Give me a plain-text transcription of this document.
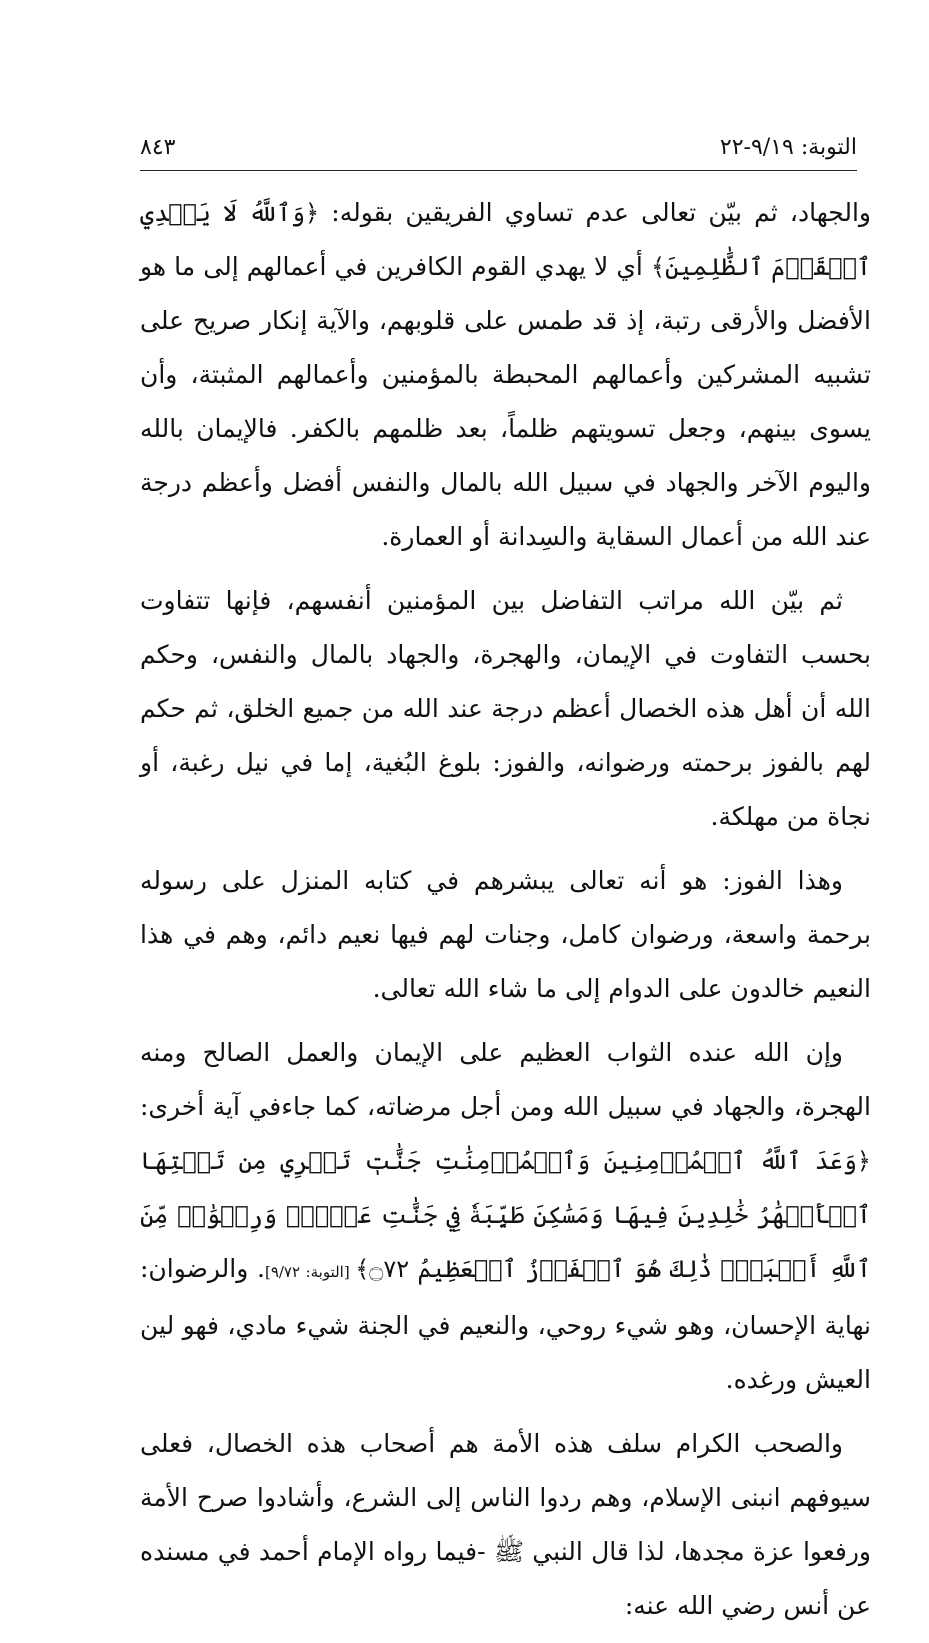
التوبة: ٩/١٩-٢٢
٨٤٣

والجهاد، ثم بيّن تعالى عدم تساوي الفريقين بقوله: ﴿وَٱللَّهُ لَا يَهۡدِي ٱلۡقَوۡمَ ٱلظَّٰلِمِينَ﴾ أي لا يهدي القوم الكافرين في أعمالهم إلى ما هو الأفضل والأرقى رتبة، إذ قد طمس على قلوبهم، والآية إنكار صريح على تشبيه المشركين وأعمالهم المحبطة بالمؤمنين وأعمالهم المثبتة، وأن يسوى بينهم، وجعل تسويتهم ظلماً، بعد ظلمهم بالكفر. فالإيمان بالله واليوم الآخر والجهاد في سبيل الله بالمال والنفس أفضل وأعظم درجة عند الله من أعمال السقاية والسِدانة أو العمارة.

ثم بيّن الله مراتب التفاضل بين المؤمنين أنفسهم، فإنها تتفاوت بحسب التفاوت في الإيمان، والهجرة، والجهاد بالمال والنفس، وحكم الله أن أهل هذه الخصال أعظم درجة عند الله من جميع الخلق، ثم حكم لهم بالفوز برحمته ورضوانه، والفوز: بلوغ البُغية، إما في نيل رغبة، أو نجاة من مهلكة.

وهذا الفوز: هو أنه تعالى يبشرهم في كتابه المنزل على رسوله برحمة واسعة، ورضوان كامل، وجنات لهم فيها نعيم دائم، وهم في هذا النعيم خالدون على الدوام إلى ما شاء الله تعالى.

وإن الله عنده الثواب العظيم على الإيمان والعمل الصالح ومنه الهجرة، والجهاد في سبيل الله ومن أجل مرضاته، كما جاءفي آية أخرى: ﴿وَعَدَ ٱللَّهُ ٱلۡمُؤۡمِنِينَ وَٱلۡمُؤۡمِنَٰتِ جَنَّٰتٖ تَجۡرِي مِن تَحۡتِهَا ٱلۡأَنۡهَٰرُ خَٰلِدِينَ فِيهَا وَمَسَٰكِنَ طَيِّبَةٗ فِي جَنَّٰتِ عَدۡنٖۚ وَرِضۡوَٰنٞ مِّنَ ٱللَّهِ أَكۡبَرُۚ ذَٰلِكَ هُوَ ٱلۡفَوۡزُ ٱلۡعَظِيمُ ۝٧٢﴾ [التوبة: ٩/٧٢]. والرضوان: نهاية الإحسان، وهو شيء روحي، والنعيم في الجنة شيء مادي، فهو لين العيش ورغده.

والصحب الكرام سلف هذه الأمة هم أصحاب هذه الخصال، فعلى سيوفهم انبنى الإسلام، وهم ردوا الناس إلى الشرع، وأشادوا صرح الأمة ورفعوا عزة مجدها، لذا قال النبي ﷺ -فيما رواه الإمام أحمد في مسنده عن أنس رضي الله عنه:
